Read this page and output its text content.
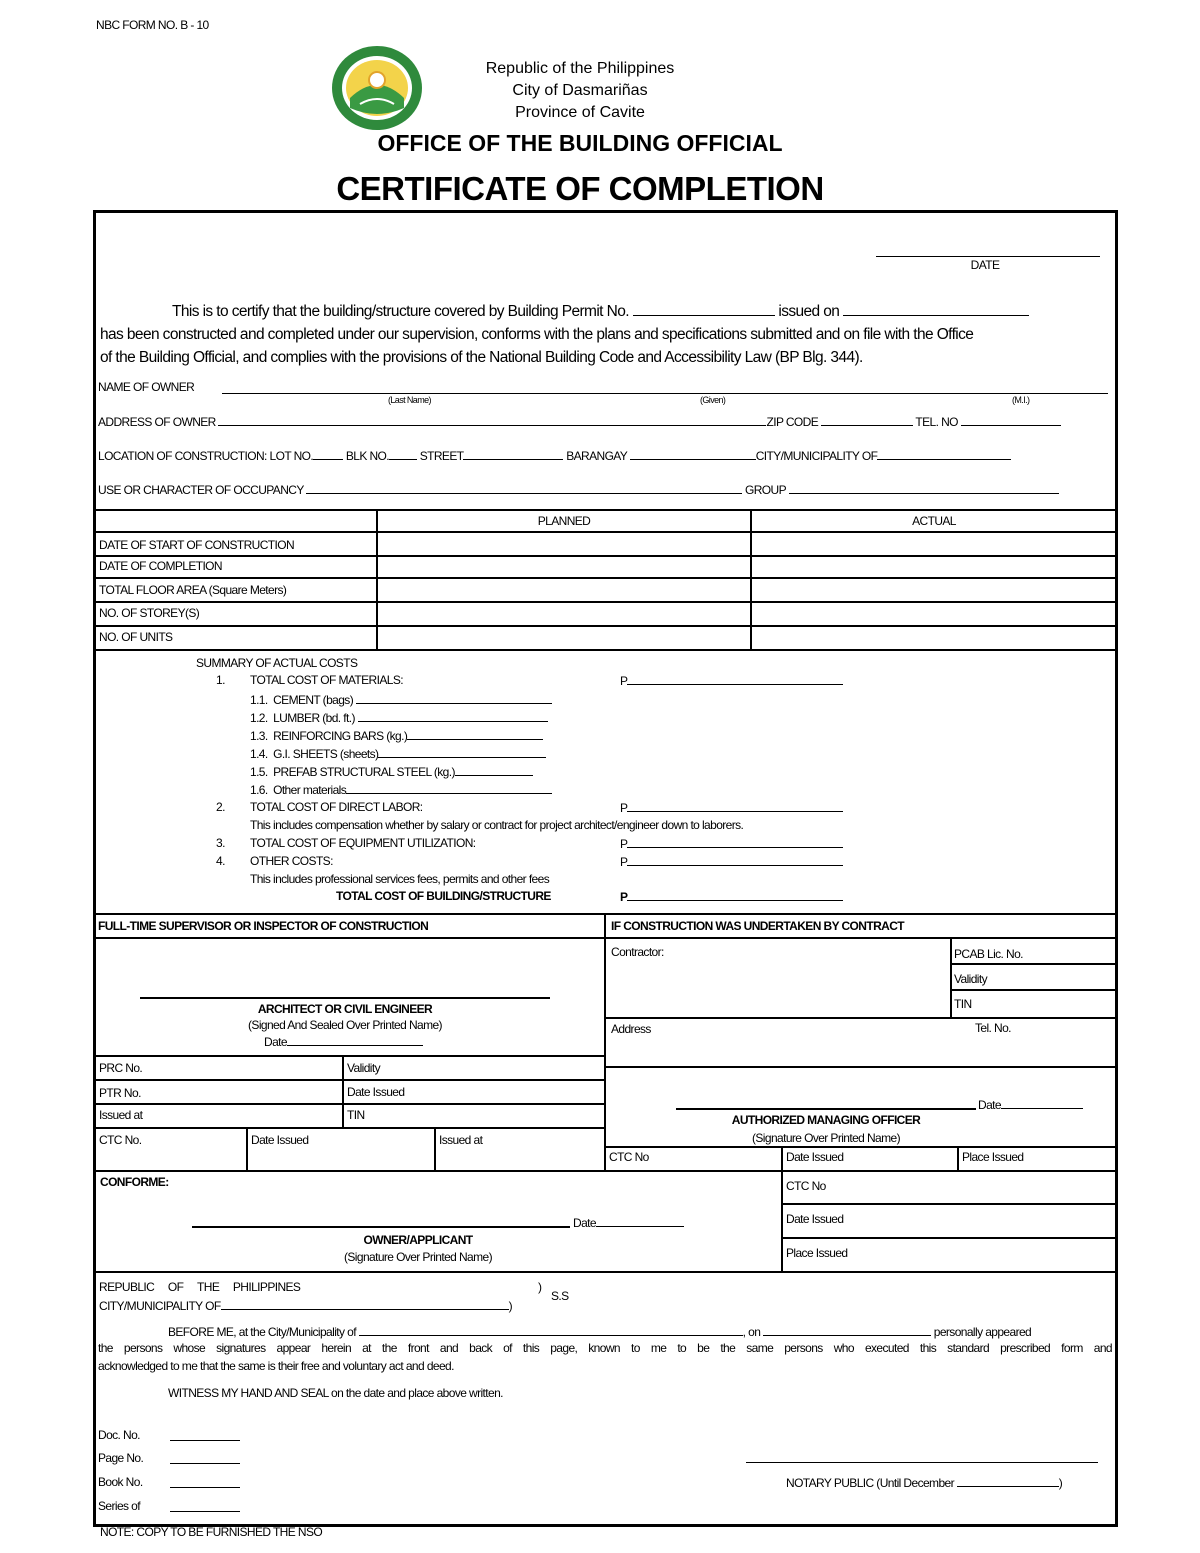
NBC FORM NO. B - 10
Republic of the Philippines
City of Dasmariñas
Province of Cavite
OFFICE OF THE BUILDING OFFICIAL
CERTIFICATE OF COMPLETION
DATE
This is to certify that the building/structure covered by Building Permit No.	issued on
has been constructed and completed under our supervision, conforms with the plans and specifications submitted and on file with the Office
of the Building Official, and complies with the provisions of the National Building Code and Accessibility Law (BP Blg. 344).
NAME OF OWNER
(Last Name)	(Given)	(M.I.)
ADDRESS OF OWNER	ZIP CODE	TEL. NO
LOCATION OF CONSTRUCTION: LOT NO.	BLK NO.	STREET	BARANGAY	CITY/MUNICIPALITY OF
USE OR CHARACTER OF OCCUPANCY	GROUP
PLANNED	ACTUAL
DATE OF START OF CONSTRUCTION
DATE OF COMPLETION
TOTAL FLOOR AREA (Square Meters)
NO. OF STOREY(S)
NO. OF UNITS
SUMMARY OF ACTUAL COSTS
1. TOTAL COST OF MATERIALS:	P
1.1. CEMENT (bags)
1.2. LUMBER (bd. ft.)
1.3. REINFORCING BARS (kg.)
1.4. G.I. SHEETS (sheets)
1.5. PREFAB STRUCTURAL STEEL (kg.)
1.6. Other materials
2. TOTAL COST OF DIRECT LABOR:	P
This includes compensation whether by salary or contract for project architect/engineer down to laborers.
3. TOTAL COST OF EQUIPMENT UTILIZATION:	P
4. OTHER COSTS:	P
This includes professional services fees, permits and other fees
TOTAL COST OF BUILDING/STRUCTURE	P
FULL-TIME SUPERVISOR OR INSPECTOR OF CONSTRUCTION	IF CONSTRUCTION WAS UNDERTAKEN BY CONTRACT
ARCHITECT OR CIVIL ENGINEER
(Signed And Sealed Over Printed Name)
Date
PRC No.	Validity
PTR No.	Date Issued
Issued at	TIN
CTC No.	Date Issued	Issued at
Contractor:	PCAB Lic. No.
Validity
TIN
Address	Tel. No.
Date
AUTHORIZED MANAGING OFFICER
(Signature Over Printed Name)
CTC No	Date Issued	Place Issued
CONFORME:
Date
OWNER/APPLICANT
(Signature Over Printed Name)
CTC No
Date Issued
Place Issued
REPUBLIC OF THE PHILIPPINES	)
S.S
CITY/MUNICIPALITY OF	)
BEFORE ME, at the City/Municipality of	, on	personally appeared
the persons whose signatures appear herein at the front and back of this page, known to me to be the same persons who executed this standard prescribed form and
acknowledged to me that the same is their free and voluntary act and deed.
WITNESS MY HAND AND SEAL on the date and place above written.
Doc. No.
Page No.
Book No.
Series of
NOTARY PUBLIC (Until December	)
NOTE: COPY TO BE FURNISHED THE NSO
